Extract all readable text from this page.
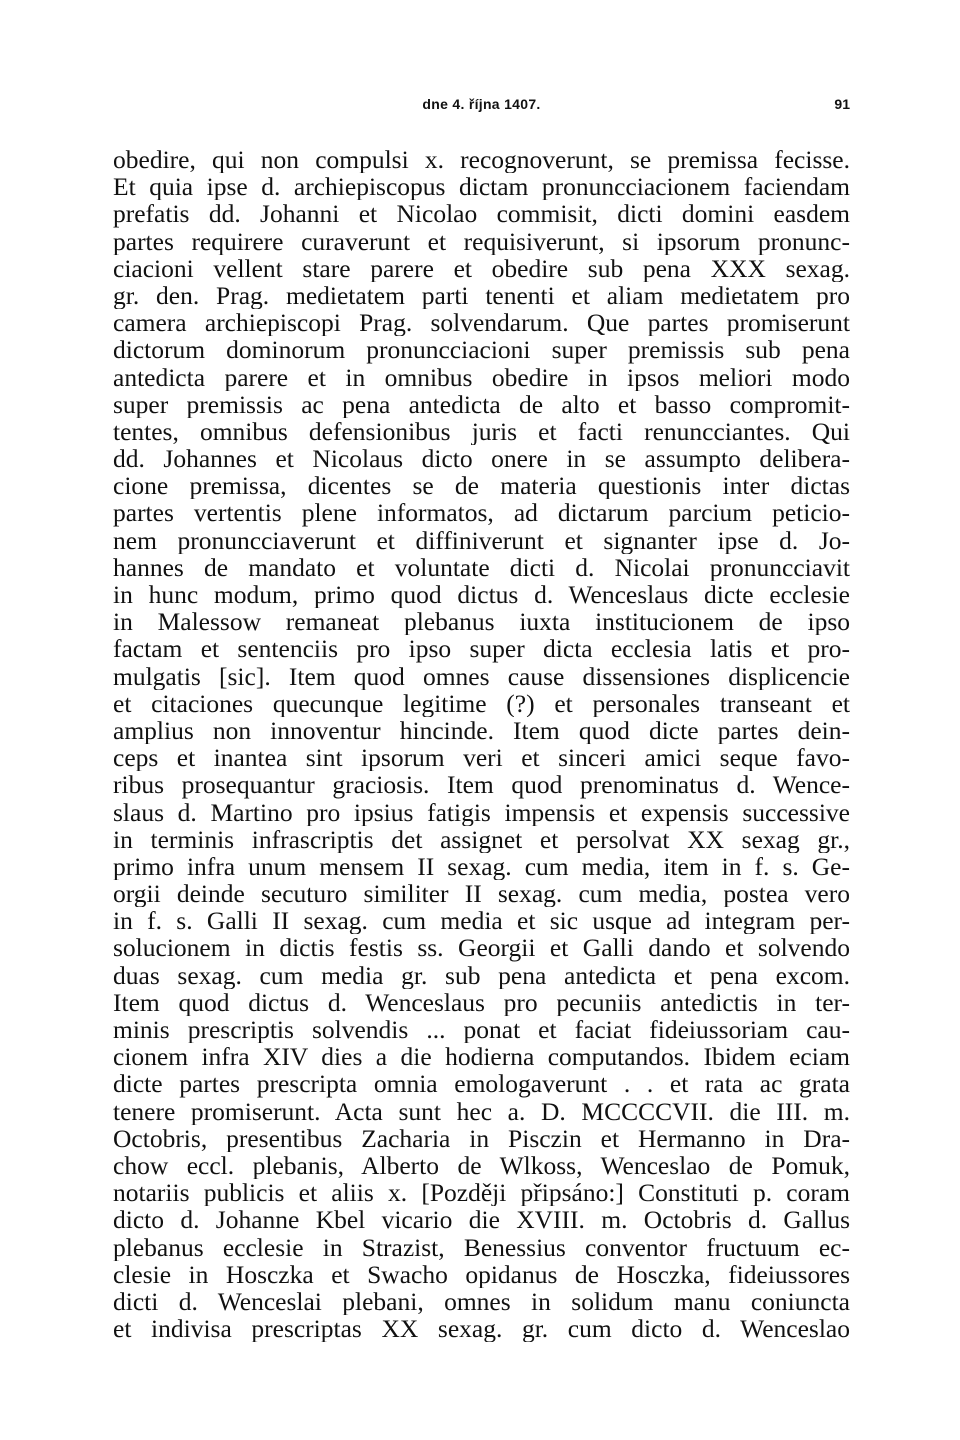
dne 4. října 1407.	91
obedire, qui non compulsi x. recognoverunt, se premissa fecisse.
Et quia ipse d. archiepiscopus dictam pronuncciacionem faciendam
prefatis dd. Johanni et Nicolao commisit, dicti domini easdem
partes requirere curaverunt et requisiverunt, si ipsorum pronunc-
ciacioni vellent stare parere et obedire sub pena XXX sexag.
gr. den. Prag. medietatem parti tenenti et aliam medietatem pro
camera archiepiscopi Prag. solvendarum. Que partes promiserunt
dictorum dominorum pronuncciacioni super premissis sub pena
antedicta parere et in omnibus obedire in ipsos meliori modo
super premissis ac pena antedicta de alto et basso compromit-
tentes, omnibus defensionibus juris et facti renuncciantes. Qui
dd. Johannes et Nicolaus dicto onere in se assumpto delibera-
cione premissa, dicentes se de materia questionis inter dictas
partes vertentis plene informatos, ad dictarum parcium peticio-
nem pronuncciaverunt et diffiniverunt et signanter ipse d. Jo-
hannes de mandato et voluntate dicti d. Nicolai pronuncciavit
in hunc modum, primo quod dictus d. Wenceslaus dicte ecclesie
in Malessow remaneat plebanus iuxta institucionem de ipso
factam et sentenciis pro ipso super dicta ecclesia latis et pro-
mulgatis [sic]. Item quod omnes cause dissensiones displicencie
et citaciones quecunque legitime (?) et personales transeant et
amplius non innoventur hincinde. Item quod dicte partes dein-
ceps et inantea sint ipsorum veri et sinceri amici seque favo-
ribus prosequantur graciosis. Item quod prenominatus d. Wence-
slaus d. Martino pro ipsius fatigis impensis et expensis successive
in terminis infrascriptis det assignet et persolvat XX sexag gr.,
primo infra unum mensem II sexag. cum media, item in f. s. Ge-
orgii deinde secuturo similiter II sexag. cum media, postea vero
in f. s. Galli II sexag. cum media et sic usque ad integram per-
solucionem in dictis festis ss. Georgii et Galli dando et solvendo
duas sexag. cum media gr. sub pena antedicta et pena excom.
Item quod dictus d. Wenceslaus pro pecuniis antedictis in ter-
minis prescriptis solvendis ... ponat et faciat fideiussoriam cau-
cionem infra XIV dies a die hodierna computandos. Ibidem eciam
dicte partes prescripta omnia emologaverunt . . et rata ac grata
tenere promiserunt. Acta sunt hec a. D. MCCCCVII. die III. m.
Octobris, presentibus Zacharia in Pisczin et Hermanno in Dra-
chow eccl. plebanis, Alberto de Wlkoss, Wenceslao de Pomuk,
notariis publicis et aliis x. [Později připsáno:] Constituti p. coram
dicto d. Johanne Kbel vicario die XVIII. m. Octobris d. Gallus
plebanus ecclesie in Strazist, Benessius conventor fructuum ec-
clesie in Hosczka et Swacho opidanus de Hosczka, fideiussores
dicti d. Wenceslai plebani, omnes in solidum manu coniuncta
et indivisa prescriptas XX sexag. gr. cum dicto d. Wenceslao
